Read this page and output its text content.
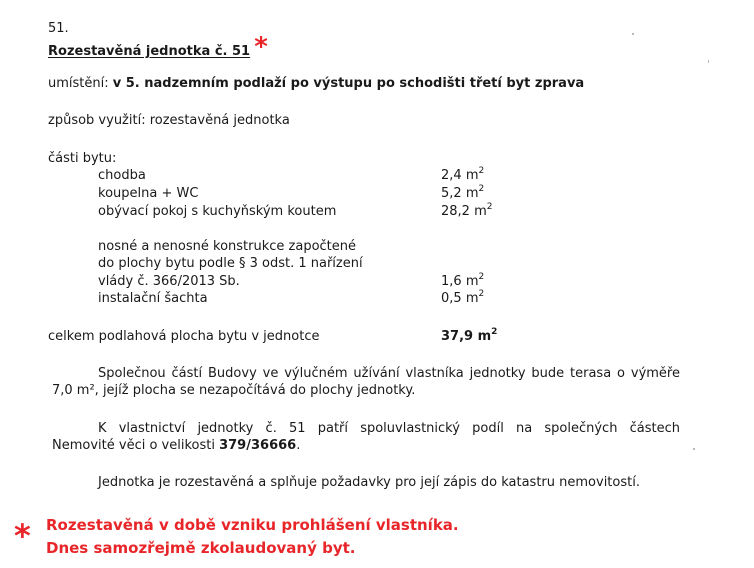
51.
Rozestavěná jednotka č. 51 *
umístění: v 5. nadzemním podlaží po výstupu po schodišti třetí byt zprava
způsob využití: rozestavěná jednotka
části bytu:
chodba	2,4 $m^2$
koupelna + WC	5,2 $m^2$
obývací pokoj s kuchyňským koutem	28,2 $m^2$
nosné a nenosné konstrukce započtené
do plochy bytu podle § 3 odst. 1 nařízení
vlády č. 366/2013 Sb.	1,6 $m^2$
instalační šachta	0,5 $m^2$
celkem podlahová plocha bytu v jednotce	37,9 $m^2$
Společnou částí Budovy ve výlučném užívání vlastníka jednotky bude terasa o výměře
7,0 m², jejíž plocha se nezapočítává do plochy jednotky.
K vlastnictví jednotky č. 51 patří spoluvlastnický podíl na společných částech
Nemovité věci o velikosti 379/36666.
Jednotka je rozestavěná a splňuje požadavky pro její zápis do katastru nemovitostí.
* Rozestavěná v době vzniku prohlášení vlastníka.
Dnes samozřejmě zkolaudovaný byt.
